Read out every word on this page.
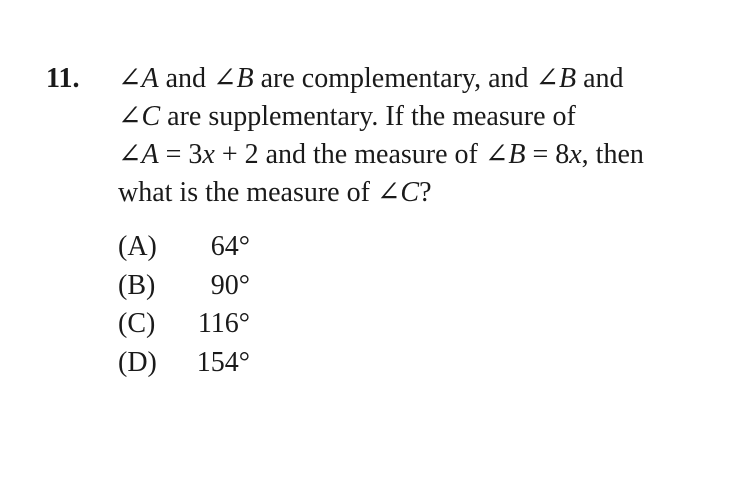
11. ∠A and ∠B are complementary, and ∠B and
∠C are supplementary. If the measure of
∠A = 3x + 2 and the measure of ∠B = 8x, then
what is the measure of ∠C?
(A) 64°
(B) 90°
(C) 116°
(D) 154°
